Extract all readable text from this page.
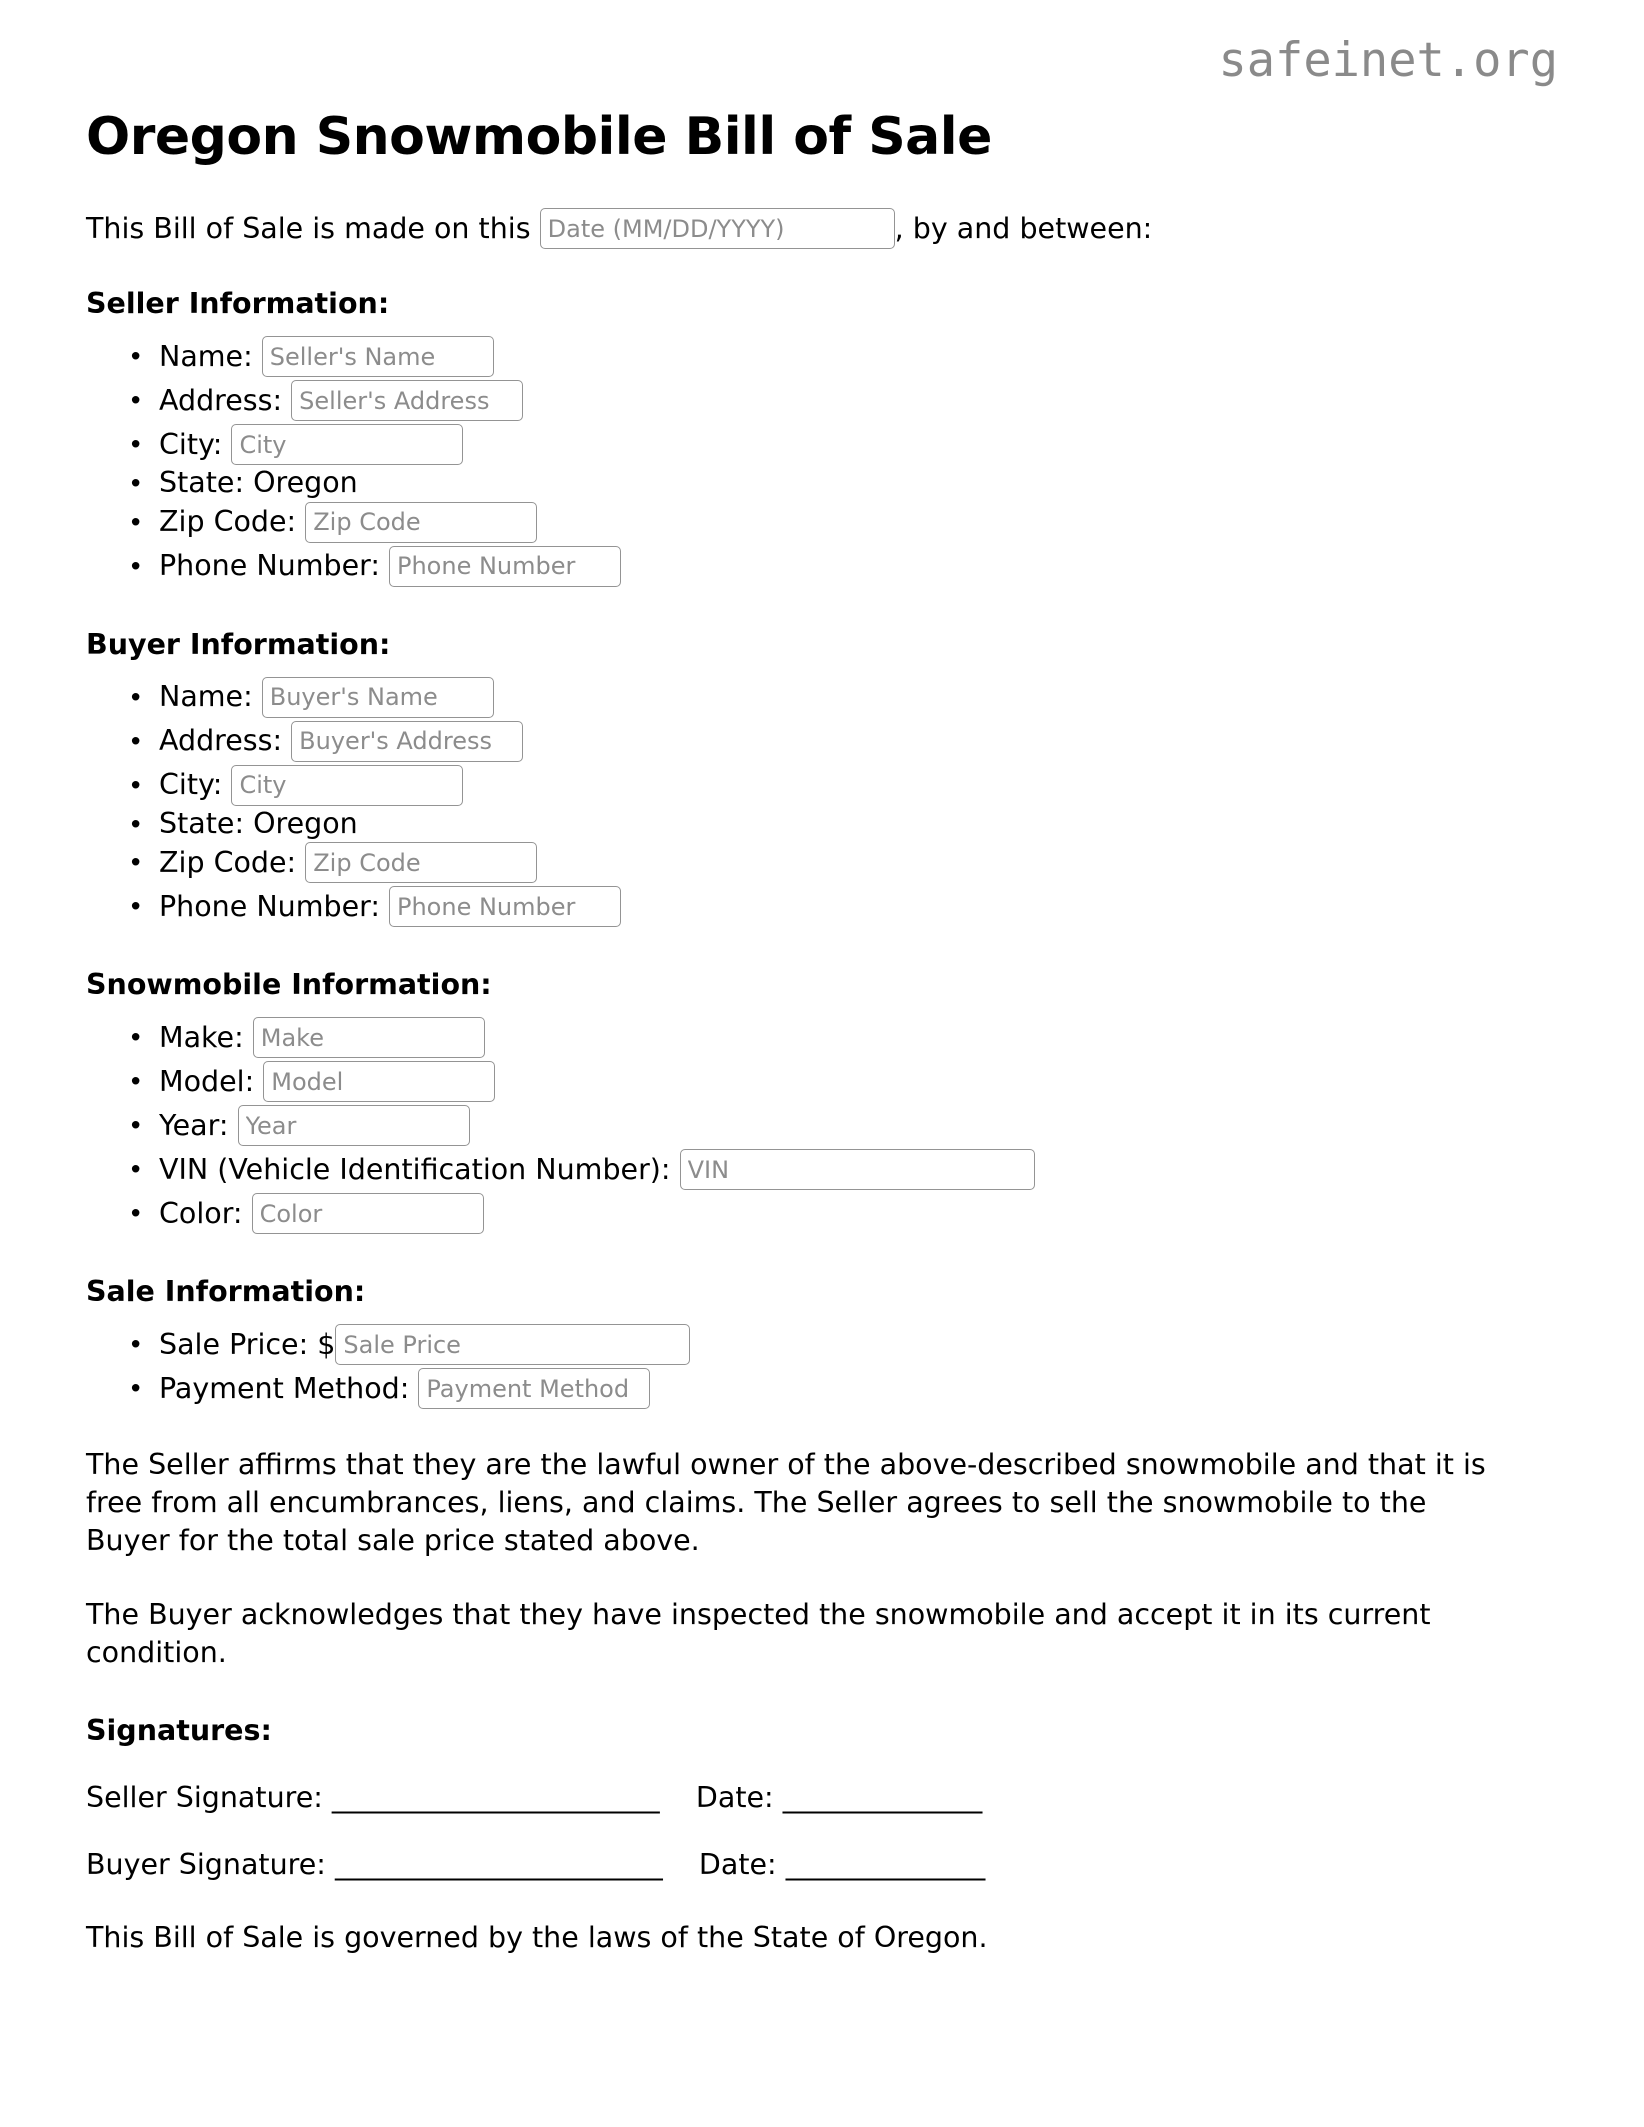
safeinet.org
Oregon Snowmobile Bill of Sale
This Bill of Sale is made on this
Date (MM/DD/YYYY)	, by and between:
Seller Information:
• Name:
Seller's Name
• Address:
Seller's Address
• City:
City
• State: Oregon
• Zip Code:
Zip Code
• Phone Number:
Phone Number
Buyer Information:
• Name:
Buyer's Name
• Address:
Buyer's Address
• City:
City
• State: Oregon
• Zip Code:
Zip Code
• Phone Number:
Phone Number
Snowmobile Information:
• Make:
Make
• Model:
Model
• Year:
Year
• VIN (Vehicle Identification Number):
VIN
• Color:
Color
Sale Information:
• Sale Price: $
Sale Price
• Payment Method:
Payment Method

The Seller affirms that they are the lawful owner of the above-described snowmobile and that it is free from all encumbrances, liens, and claims. The Seller agrees to sell the snowmobile to the Buyer for the total sale price stated above.

The Buyer acknowledges that they have inspected the snowmobile and accept it in its current condition.

Signatures:
Seller Signature: _______________________    Date: ______________
Buyer Signature: _______________________    Date: ______________

This Bill of Sale is governed by the laws of the State of Oregon.
